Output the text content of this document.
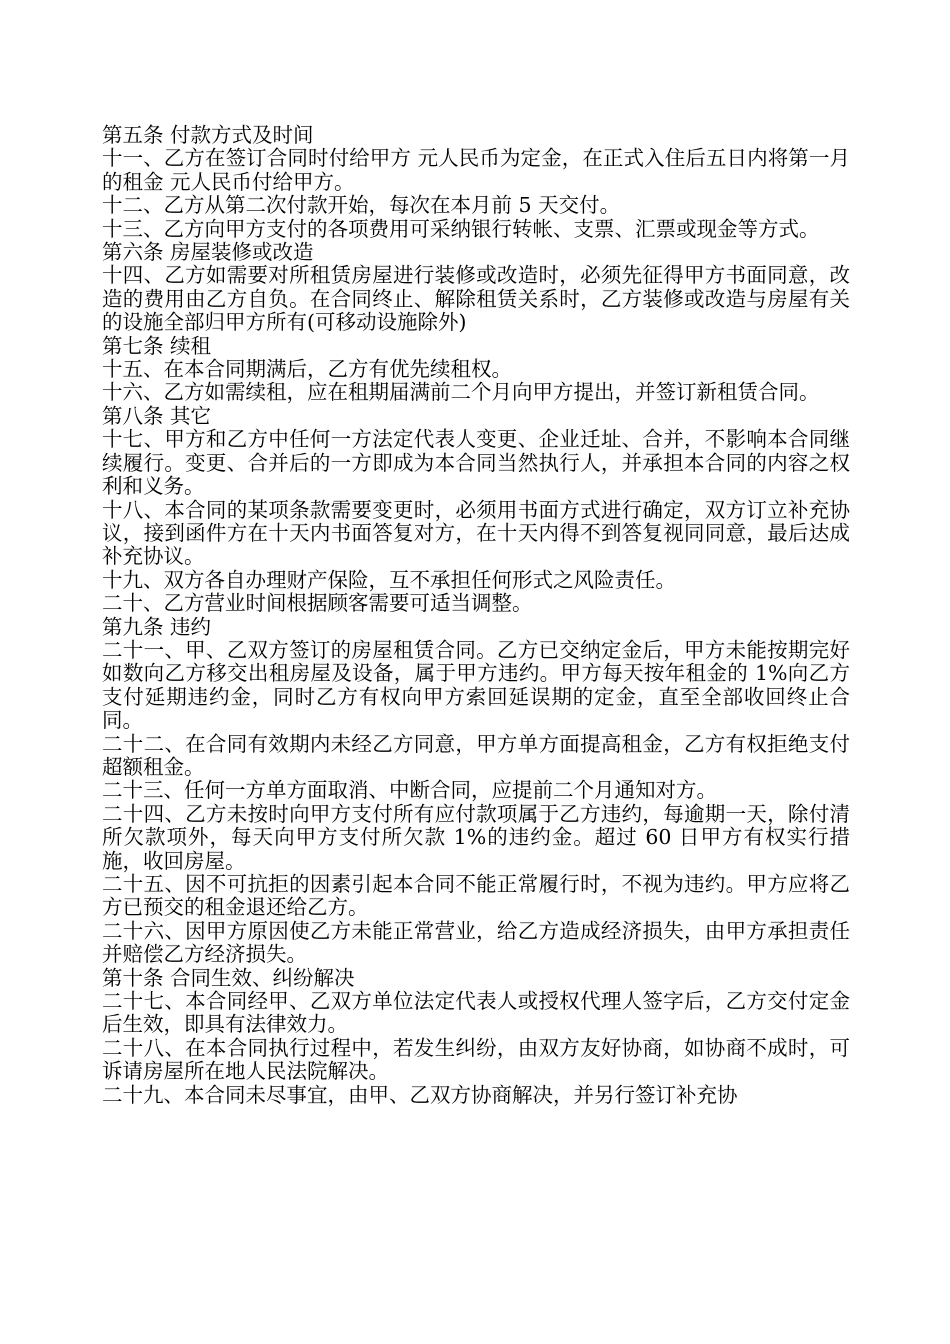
第五条 付款方式及时间
十一、乙方在签订合同时付给甲方 元人民币为定金，在正式入住后五日内将第一月的租金 元人民币付给甲方。
十二、乙方从第二次付款开始，每次在本月前 5 天交付。
十三、乙方向甲方支付的各项费用可采纳银行转帐、支票、汇票或现金等方式。
第六条 房屋装修或改造
十四、乙方如需要对所租赁房屋进行装修或改造时，必须先征得甲方书面同意，改造的费用由乙方自负。在合同终止、解除租赁关系时，乙方装修或改造与房屋有关的设施全部归甲方所有(可移动设施除外)
第七条 续租
十五、在本合同期满后，乙方有优先续租权。
十六、乙方如需续租，应在租期届满前二个月向甲方提出，并签订新租赁合同。
第八条 其它
十七、甲方和乙方中任何一方法定代表人变更、企业迁址、合并，不影响本合同继续履行。变更、合并后的一方即成为本合同当然执行人，并承担本合同的内容之权利和义务。
十八、本合同的某项条款需要变更时，必须用书面方式进行确定，双方订立补充协议，接到函件方在十天内书面答复对方，在十天内得不到答复视同同意，最后达成补充协议。
十九、双方各自办理财产保险，互不承担任何形式之风险责任。
二十、乙方营业时间根据顾客需要可适当调整。
第九条 违约
二十一、甲、乙双方签订的房屋租赁合同。乙方已交纳定金后，甲方未能按期完好如数向乙方移交出租房屋及设备，属于甲方违约。甲方每天按年租金的 1%向乙方支付延期违约金，同时乙方有权向甲方索回延误期的定金，直至全部收回终止合同。
二十二、在合同有效期内未经乙方同意，甲方单方面提高租金，乙方有权拒绝支付超额租金。
二十三、任何一方单方面取消、中断合同，应提前二个月通知对方。
二十四、乙方未按时向甲方支付所有应付款项属于乙方违约，每逾期一天，除付清所欠款项外，每天向甲方支付所欠款 1%的违约金。超过 60 日甲方有权实行措施，收回房屋。
二十五、因不可抗拒的因素引起本合同不能正常履行时，不视为违约。甲方应将乙方已预交的租金退还给乙方。
二十六、因甲方原因使乙方未能正常营业，给乙方造成经济损失，由甲方承担责任并赔偿乙方经济损失。
第十条 合同生效、纠纷解决
二十七、本合同经甲、乙双方单位法定代表人或授权代理人签字后，乙方交付定金后生效，即具有法律效力。
二十八、在本合同执行过程中，若发生纠纷，由双方友好协商，如协商不成时，可诉请房屋所在地人民法院解决。
二十九、本合同未尽事宜，由甲、乙双方协商解决，并另行签订补充协
